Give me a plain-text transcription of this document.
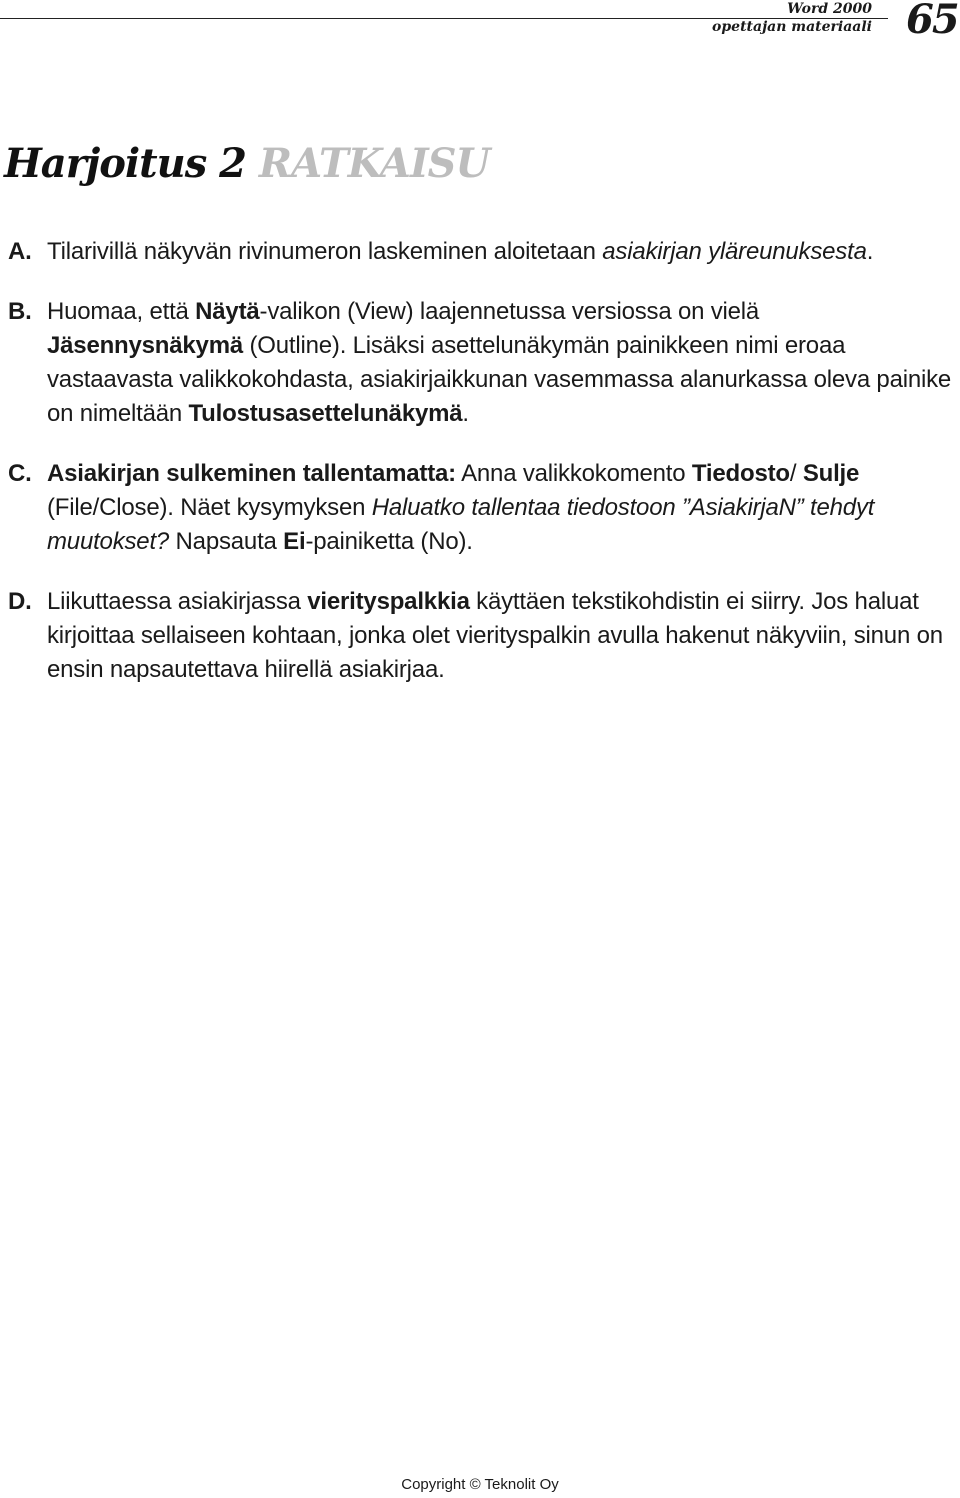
Word 2000
opettajan materiaali 65
Harjoitus 2 RATKAISU
A. Tilarivillä näkyvän rivinumeron laskeminen aloitetaan asiakirjan yläreunuksesta.
B. Huomaa, että Näytä-valikon (View) laajennetussa versiossa on vielä Jäsennysnäkymä (Outline). Lisäksi asettelunäkymän painikkeen nimi eroaa vastaavasta valikkokohdasta, asiakirjaikkunan vasemmassa alanurkassa oleva painike on nimeltään Tulostusasettelunäkymä.
C. Asiakirjan sulkeminen tallentamatta: Anna valikkokomento Tiedosto/ Sulje (File/Close). Näet kysymyksen Haluatko tallentaa tiedostoon ”AsiakirjaN” tehdyt muutokset? Napsauta Ei-painiketta (No).
D. Liikuttaessa asiakirjassa vierityspalkkia käyttäen tekstikohdistin ei siirry. Jos haluat kirjoittaa sellaiseen kohtaan, jonka olet vierityspalkin avulla hakenut näkyviin, sinun on ensin napsautettava hiirellä asiakirjaa.
Copyright © Teknolit Oy
